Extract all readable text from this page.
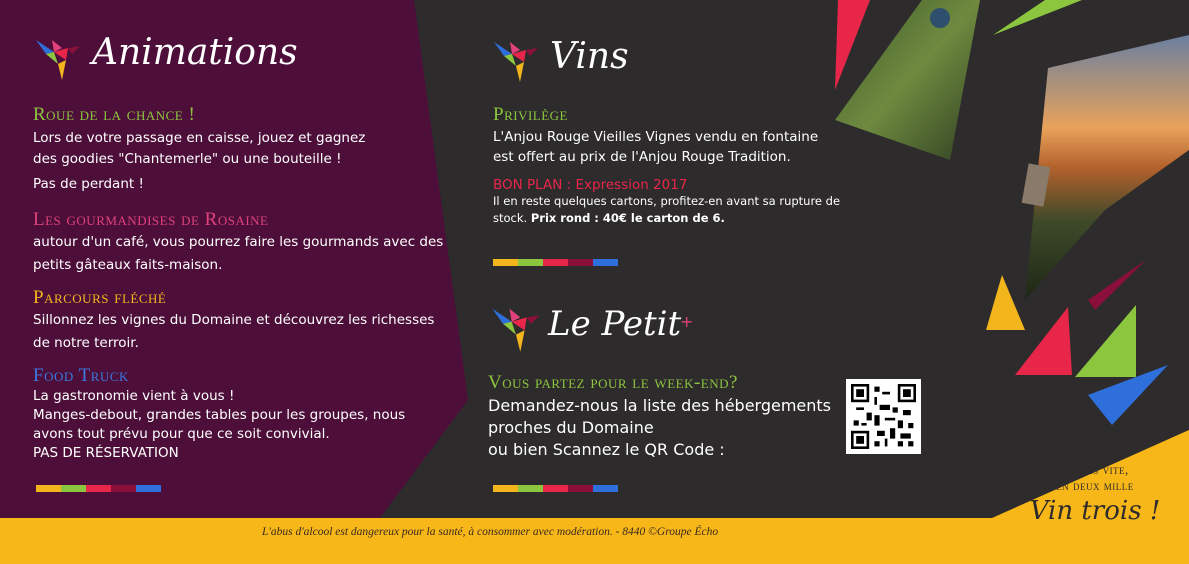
Animations
Roue de la chance !
Lors de votre passage en caisse, jouez et gagnez
des goodies "Chantemerle" ou une bouteille !
Pas de perdant !
Les gourmandises de Rosaine
autour d'un café, vous pourrez faire les gourmands avec des
petits gâteaux faits-maison.
Parcours fléché
Sillonnez les vignes du Domaine et découvrez les richesses
de notre terroir.
Food Truck
La gastronomie vient à vous !
Manges-debout, grandes tables pour les groupes, nous
avons tout prévu pour que ce soit convivial.
PAS DE RÉSERVATION
Vins
Privilège
L'Anjou Rouge Vieilles Vignes vendu en fontaine
est offert au prix de l'Anjou Rouge Tradition.
BON PLAN : Expression 2017
Il en reste quelques cartons, profitez-en avant sa rupture de
stock. Prix rond : 40€ le carton de 6.
Le Petit
+
Vous partez pour le week-end?
Demandez-nous la liste des hébergements
proches du Domaine
ou bien Scannez le QR Code :
À très vite,
en deux mille
Vin trois !
L'abus d'alcool est dangereux pour la santé, à consommer avec modération. - 8440 ©Groupe Écho
